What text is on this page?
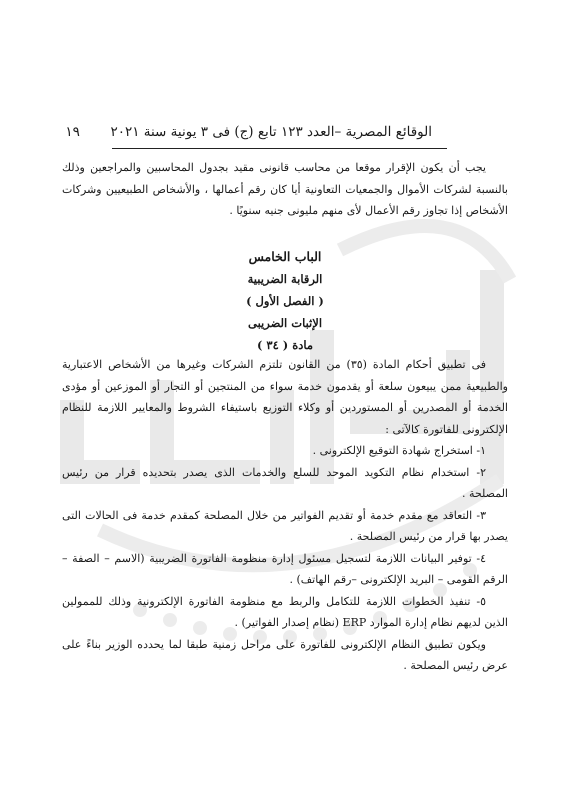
الوقائع المصرية –العدد ١٢٣ تابع (ج) فى ٣ يونية سنة ٢٠٢١  ١٩

يجب أن يكون الإقرار موقعا من محاسب قانونى مقيد بجدول المحاسبين والمراجعين وذلك بالنسبة لشركات الأموال والجمعيات التعاونية أيا كان رقم أعمالها ، والأشخاص الطبيعيين وشركات الأشخاص إذا تجاوز رقم الأعمال لأى منهم مليونى جنيه سنويًا .

الباب الخامس
الرقابة الضريبية
( الفصل الأول )
الإثبات الضريبى
مادة ( ٣٤ )

فى تطبيق أحكام المادة (٣٥) من القانون تلتزم الشركات وغيرها من الأشخاص الاعتبارية والطبيعية ممن يبيعون سلعة أو يقدمون خدمة سواء من المنتجين أو التجار أو الموزعين أو مؤدى الخدمة أو المصدرين أو المستوردين أو وكلاء التوزيع باستيفاء الشروط والمعايير اللازمة للنظام الإلكترونى للفاتورة كالآتى :

١- استخراج شهادة التوقيع الإلكترونى .

٢- استخدام نظام التكويد الموحد للسلع والخدمات الذى يصدر بتحديده قرار من رئيس المصلحة .

٣- التعاقد مع مقدم خدمة أو تقديم الفواتير من خلال المصلحة كمقدم خدمة فى الحالات التى يصدر بها قرار من رئيس المصلحة .

٤- توفير البيانات اللازمة لتسجيل مسئول إدارة منظومة الفاتورة الضريبية (الاسم – الصفة – الرقم القومى – البريد الإلكترونى –رقم الهاتف) .

٥- تنفيذ الخطوات اللازمة للتكامل والربط مع منظومة الفاتورة الإلكترونية وذلك للممولين الذين لديهم نظام إدارة الموارد ERP (نظام إصدار الفواتير) .

ويكون تطبيق النظام الإلكترونى للفاتورة على مراحل زمنية طبقا لما يحدده الوزير بناءً على عرض رئيس المصلحة .
